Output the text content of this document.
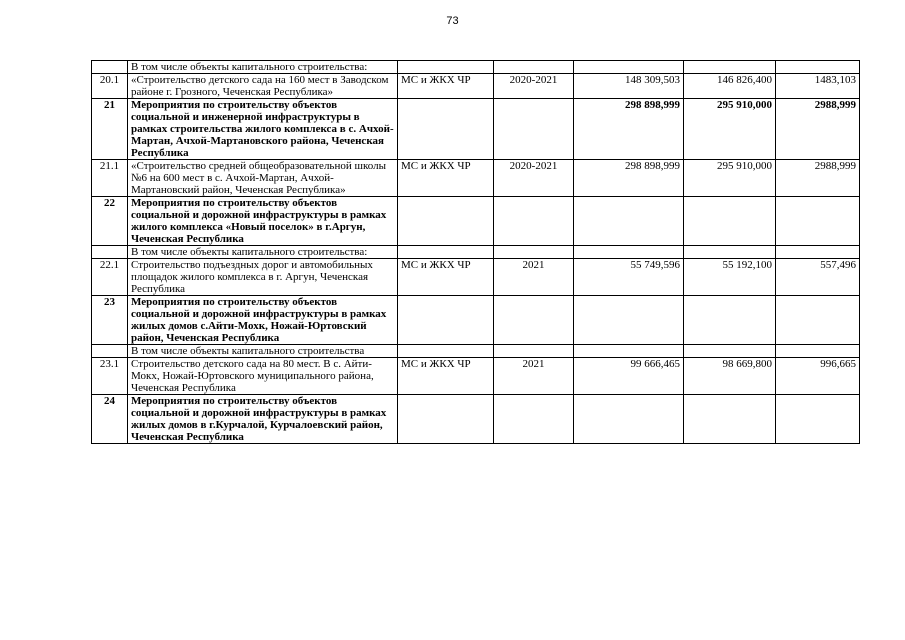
73
	В том числе объекты капитального строительства:					
20.1	«Строительство детского сада на 160 мест в Заводском районе г. Грозного, Чеченская Республика»	МС и ЖКХ ЧР	2020-2021	148 309,503	146 826,400	1483,103
21	Мероприятия по строительству объектов социальной и инженерной инфраструктуры в рамках строительства жилого комплекса в с. Ачхой-Мартан, Ачхой-Мартановского района, Чеченская Республика			298 898,999	295 910,000	2988,999
21.1	«Строительство средней общеобразовательной школы №6 на 600 мест в с. Ачхой-Мартан, Ачхой-Мартановский район, Чеченская Республика»	МС и ЖКХ ЧР	2020-2021	298 898,999	295 910,000	2988,999
22	Мероприятия по строительству объектов социальной и дорожной инфраструктуры в рамках жилого комплекса «Новый поселок» в г.Аргун, Чеченская Республика					
	В том числе объекты капитального строительства:					
22.1	Строительство подъездных дорог и автомобильных площадок жилого комплекса в г. Аргун, Чеченская Республика	МС и ЖКХ ЧР	2021	55 749,596	55 192,100	557,496
23	Мероприятия по строительству объектов социальной и дорожной инфраструктуры в рамках жилых домов с.Айти-Мохк, Ножай-Юртовский район, Чеченская Республика					
	В том числе объекты капитального строительства					
23.1	Строительство детского сада на 80 мест. В с. Айти-Мокх, Ножай-Юртовского муниципального района, Чеченская Республика	МС и ЖКХ ЧР	2021	99 666,465	98 669,800	996,665
24	Мероприятия по строительству объектов социальной и дорожной инфраструктуры в рамках жилых домов в г.Курчалой, Курчалоевский район, Чеченская Республика					
